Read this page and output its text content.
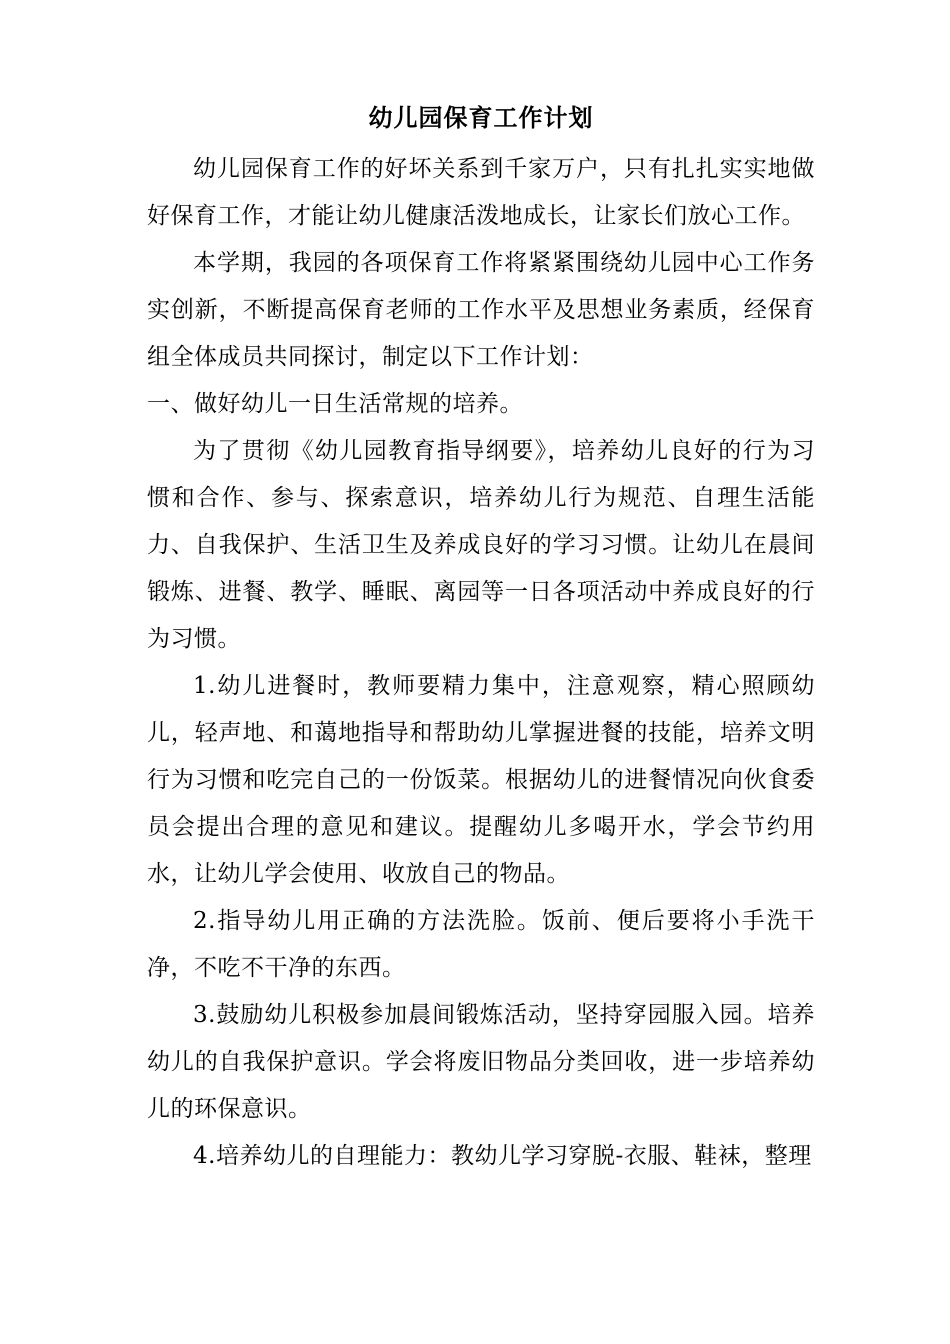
幼儿园保育工作计划

幼儿园保育工作的好坏关系到千家万户，只有扎扎实实地做好保育工作，才能让幼儿健康活泼地成长，让家长们放心工作。

本学期，我园的各项保育工作将紧紧围绕幼儿园中心工作务实创新，不断提高保育老师的工作水平及思想业务素质，经保育组全体成员共同探讨，制定以下工作计划：

一、做好幼儿一日生活常规的培养。

为了贯彻《幼儿园教育指导纲要》，培养幼儿良好的行为习惯和合作、参与、探索意识，培养幼儿行为规范、自理生活能力、自我保护、生活卫生及养成良好的学习习惯。让幼儿在晨间锻炼、进餐、教学、睡眠、离园等一日各项活动中养成良好的行为习惯。

1.幼儿进餐时，教师要精力集中，注意观察，精心照顾幼儿，轻声地、和蔼地指导和帮助幼儿掌握进餐的技能，培养文明行为习惯和吃完自己的一份饭菜。根据幼儿的进餐情况向伙食委员会提出合理的意见和建议。提醒幼儿多喝开水，学会节约用水，让幼儿学会使用、收放自己的物品。

2.指导幼儿用正确的方法洗脸。饭前、便后要将小手洗干净，不吃不干净的东西。

3.鼓励幼儿积极参加晨间锻炼活动，坚持穿园服入园。培养幼儿的自我保护意识。学会将废旧物品分类回收，进一步培养幼儿的环保意识。

4.培养幼儿的自理能力：教幼儿学习穿脱-衣服、鞋袜，整理
